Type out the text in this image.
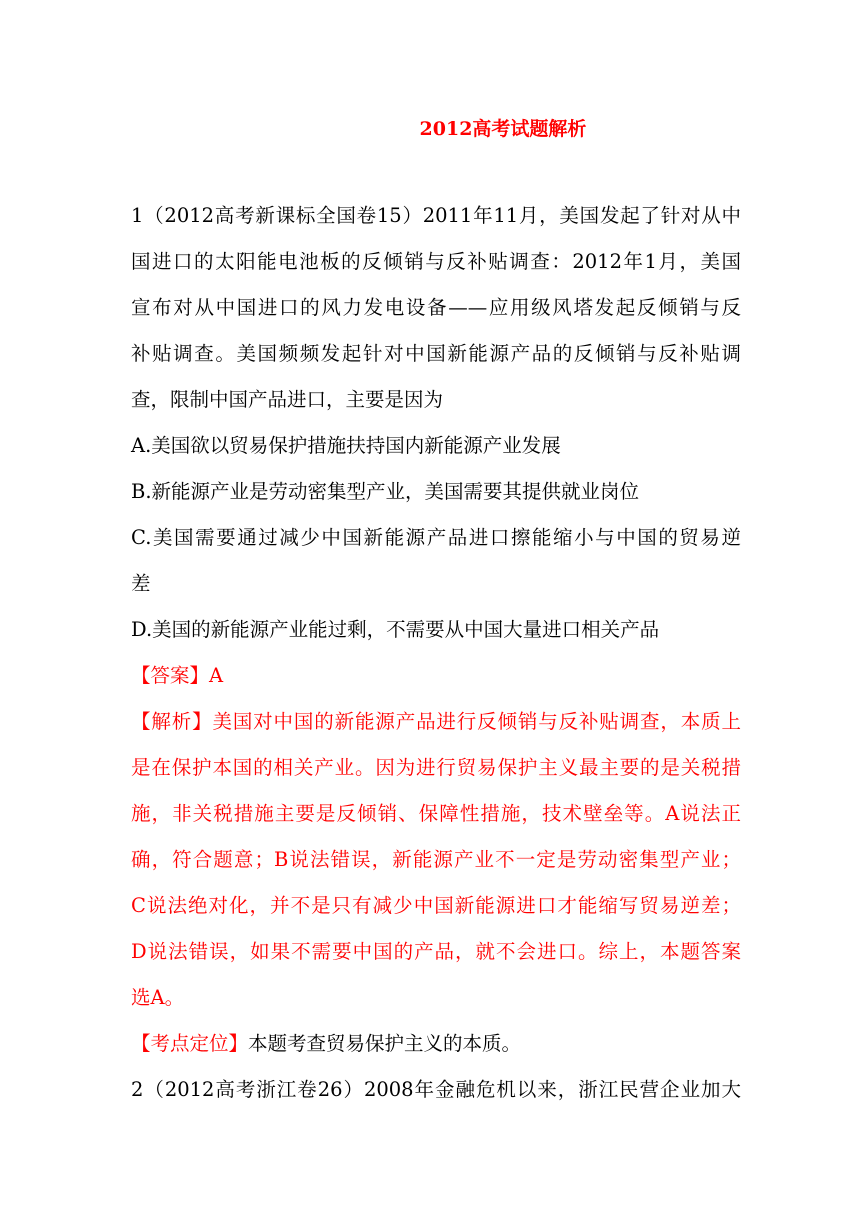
2012高考试题解析
1（2012高考新课标全国卷15）2011年11月，美国发起了针对从中
国进口的太阳能电池板的反倾销与反补贴调查：2012年1月，美国
宣布对从中国进口的风力发电设备——应用级风塔发起反倾销与反
补贴调查。美国频频发起针对中国新能源产品的反倾销与反补贴调
查，限制中国产品进口，主要是因为
A.美国欲以贸易保护措施扶持国内新能源产业发展
B.新能源产业是劳动密集型产业，美国需要其提供就业岗位
C.美国需要通过减少中国新能源产品进口擦能缩小与中国的贸易逆
差
D.美国的新能源产业能过剩，不需要从中国大量进口相关产品
【答案】A
【解析】美国对中国的新能源产品进行反倾销与反补贴调查，本质上
是在保护本国的相关产业。因为进行贸易保护主义最主要的是关税措
施，非关税措施主要是反倾销、保障性措施，技术壁垒等。A说法正
确，符合题意；B说法错误，新能源产业不一定是劳动密集型产业；
C说法绝对化，并不是只有减少中国新能源进口才能缩写贸易逆差；
D说法错误，如果不需要中国的产品，就不会进口。综上，本题答案
选A。
【考点定位】本题考查贸易保护主义的本质。
2（2012高考浙江卷26）2008年金融危机以来，浙江民营企业加大
